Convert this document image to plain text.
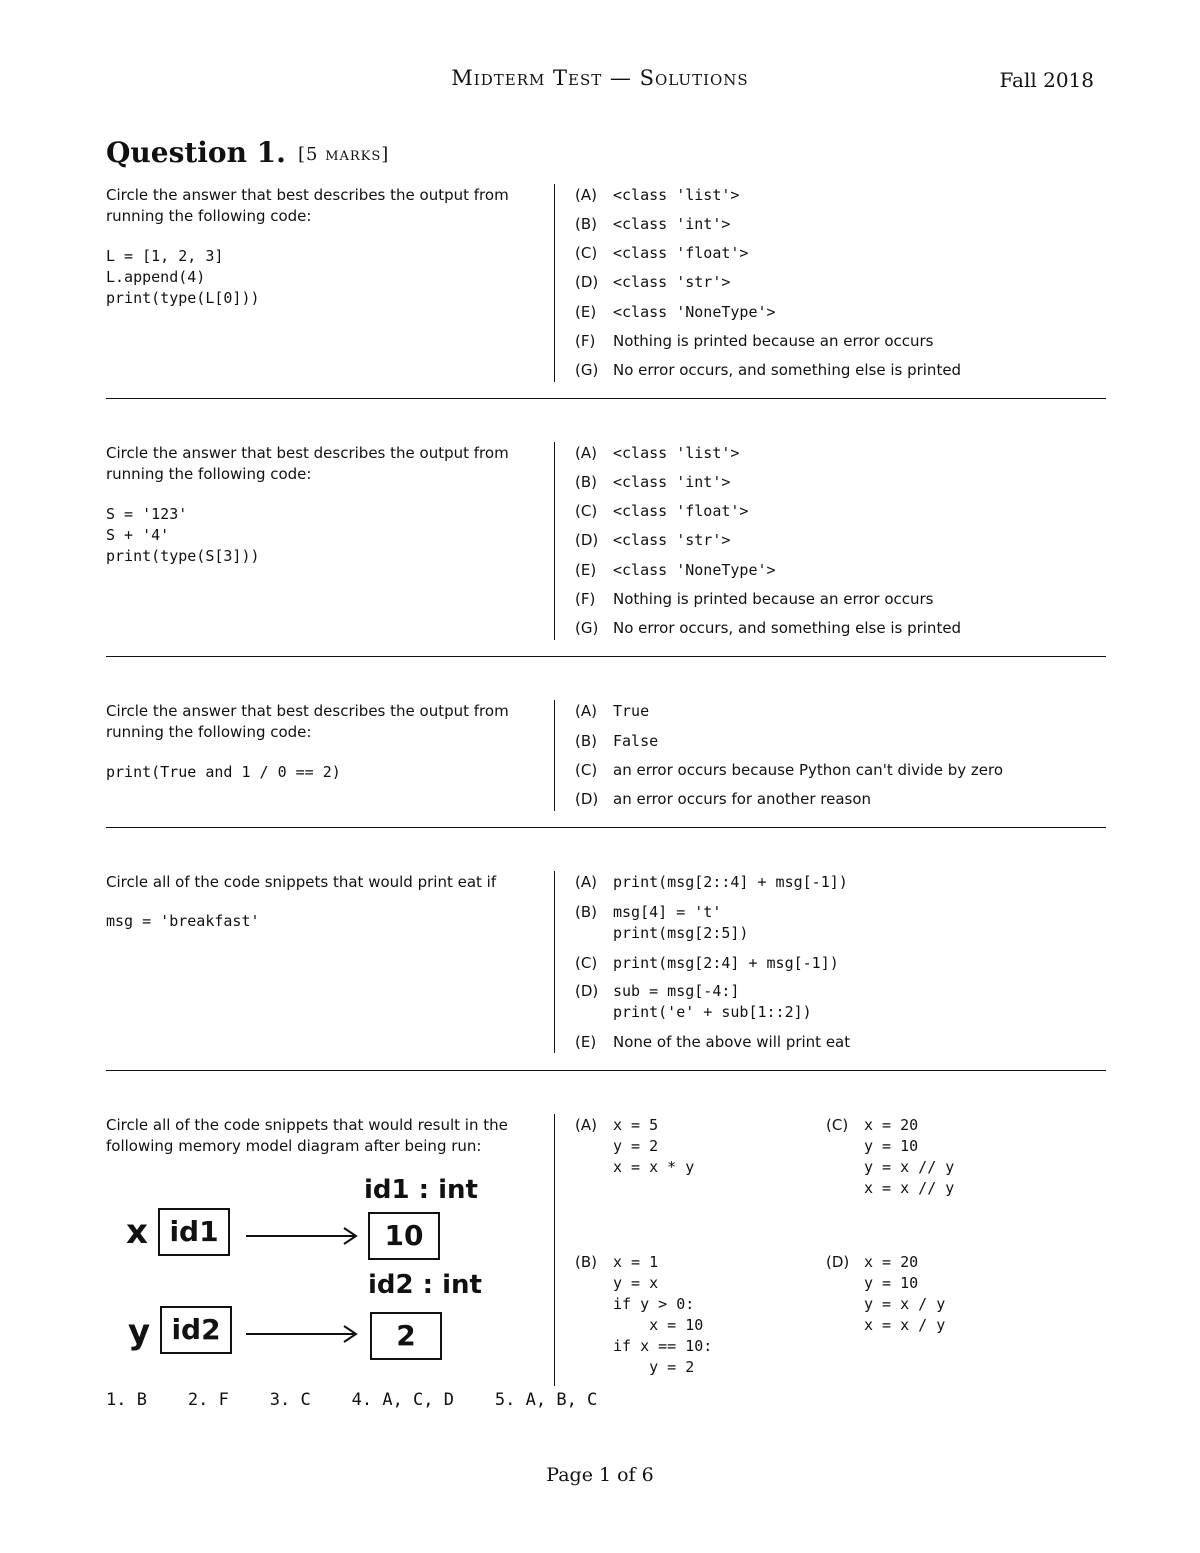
Midterm Test — Solutions	Fall 2018
Question 1. [5 marks]
Circle the answer that best describes the output from running the following code:
L = [1, 2, 3]
L.append(4)
print(type(L[0]))
(A) <class 'list'>
(B) <class 'int'>
(C) <class 'float'>
(D) <class 'str'>
(E) <class 'NoneType'>
(F) Nothing is printed because an error occurs
(G) No error occurs, and something else is printed
Circle the answer that best describes the output from running the following code:
S = '123'
S + '4'
print(type(S[3]))
(A) <class 'list'>
(B) <class 'int'>
(C) <class 'float'>
(D) <class 'str'>
(E) <class 'NoneType'>
(F) Nothing is printed because an error occurs
(G) No error occurs, and something else is printed
Circle the answer that best describes the output from running the following code:
print(True and 1 / 0 == 2)
(A) True
(B) False
(C) an error occurs because Python can't divide by zero
(D) an error occurs for another reason
Circle all of the code snippets that would print eat if
msg = 'breakfast'
(A) print(msg[2::4] + msg[-1])
(B) msg[4] = 't'
print(msg[2:5])
(C) print(msg[2:4] + msg[-1])
(D) sub = msg[-4:]
print('e' + sub[1::2])
(E) None of the above will print eat
Circle all of the code snippets that would result in the following memory model diagram after being run:
x id1
id1 : int
10
y id2
id2 : int
2
(A) x = 5
y = 2
x = x * y
(C) x = 20
y = 10
y = x // y
x = x // y
(B) x = 1
y = x
if y > 0:
x = 10
if x == 10:
y = 2
(D) x = 20
y = 10
y = x / y
x = x / y
1. B    2. F    3. C    4. A, C, D    5. A, B, C
Page 1 of 6
